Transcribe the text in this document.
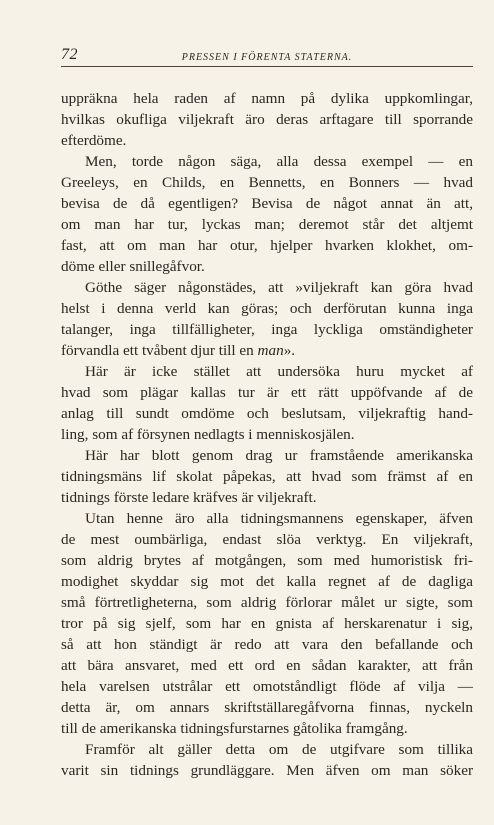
72	PRESSEN I FÖRENTA STATERNA.
uppräkna hela raden af namn på dylika uppkomlingar,
hvilkas okufliga viljekraft äro deras arftagare till sporrande
efterdöme.
Men, torde någon säga, alla dessa exempel — en
Greeleys, en Childs, en Bennetts, en Bonners — hvad
bevisa de då egentligen? Bevisa de något annat än att,
om man har tur, lyckas man; deremot står det altjemt
fast, att om man har otur, hjelper hvarken klokhet, om-
döme eller snillegåfvor.
Göthe säger någonstädes, att »viljekraft kan göra hvad
helst i denna verld kan göras; och derförutan kunna inga
talanger, inga tillfälligheter, inga lyckliga omständigheter
förvandla ett tvåbent djur till en man».
Här är icke stället att undersöka huru mycket af
hvad som plägar kallas tur är ett rätt uppöfvande af de
anlag till sundt omdöme och beslutsam, viljekraftig hand-
ling, som af försynen nedlagts i menniskosjälen.
Här har blott genom drag ur framstående amerikanska
tidningsmäns lif skolat påpekas, att hvad som främst af en
tidnings förste ledare kräfves är viljekraft.
Utan henne äro alla tidningsmannens egenskaper, äfven
de mest oumbärliga, endast slöa verktyg. En viljekraft,
som aldrig brytes af motgången, som med humoristisk fri-
modighet skyddar sig mot det kalla regnet af de dagliga
små förtretligheterna, som aldrig förlorar målet ur sigte, som
tror på sig sjelf, som har en gnista af herskarenatur i sig,
så att hon ständigt är redo att vara den befallande och
att bära ansvaret, med ett ord en sådan karakter, att från
hela varelsen utstrålar ett omotståndligt flöde af vilja —
detta är, om annars skriftställaregåfvorna finnas, nyckeln
till de amerikanska tidningsfurstarnes gåtolika framgång.
Framför alt gäller detta om de utgifvare som tillika
varit sin tidnings grundläggare. Men äfven om man söker
